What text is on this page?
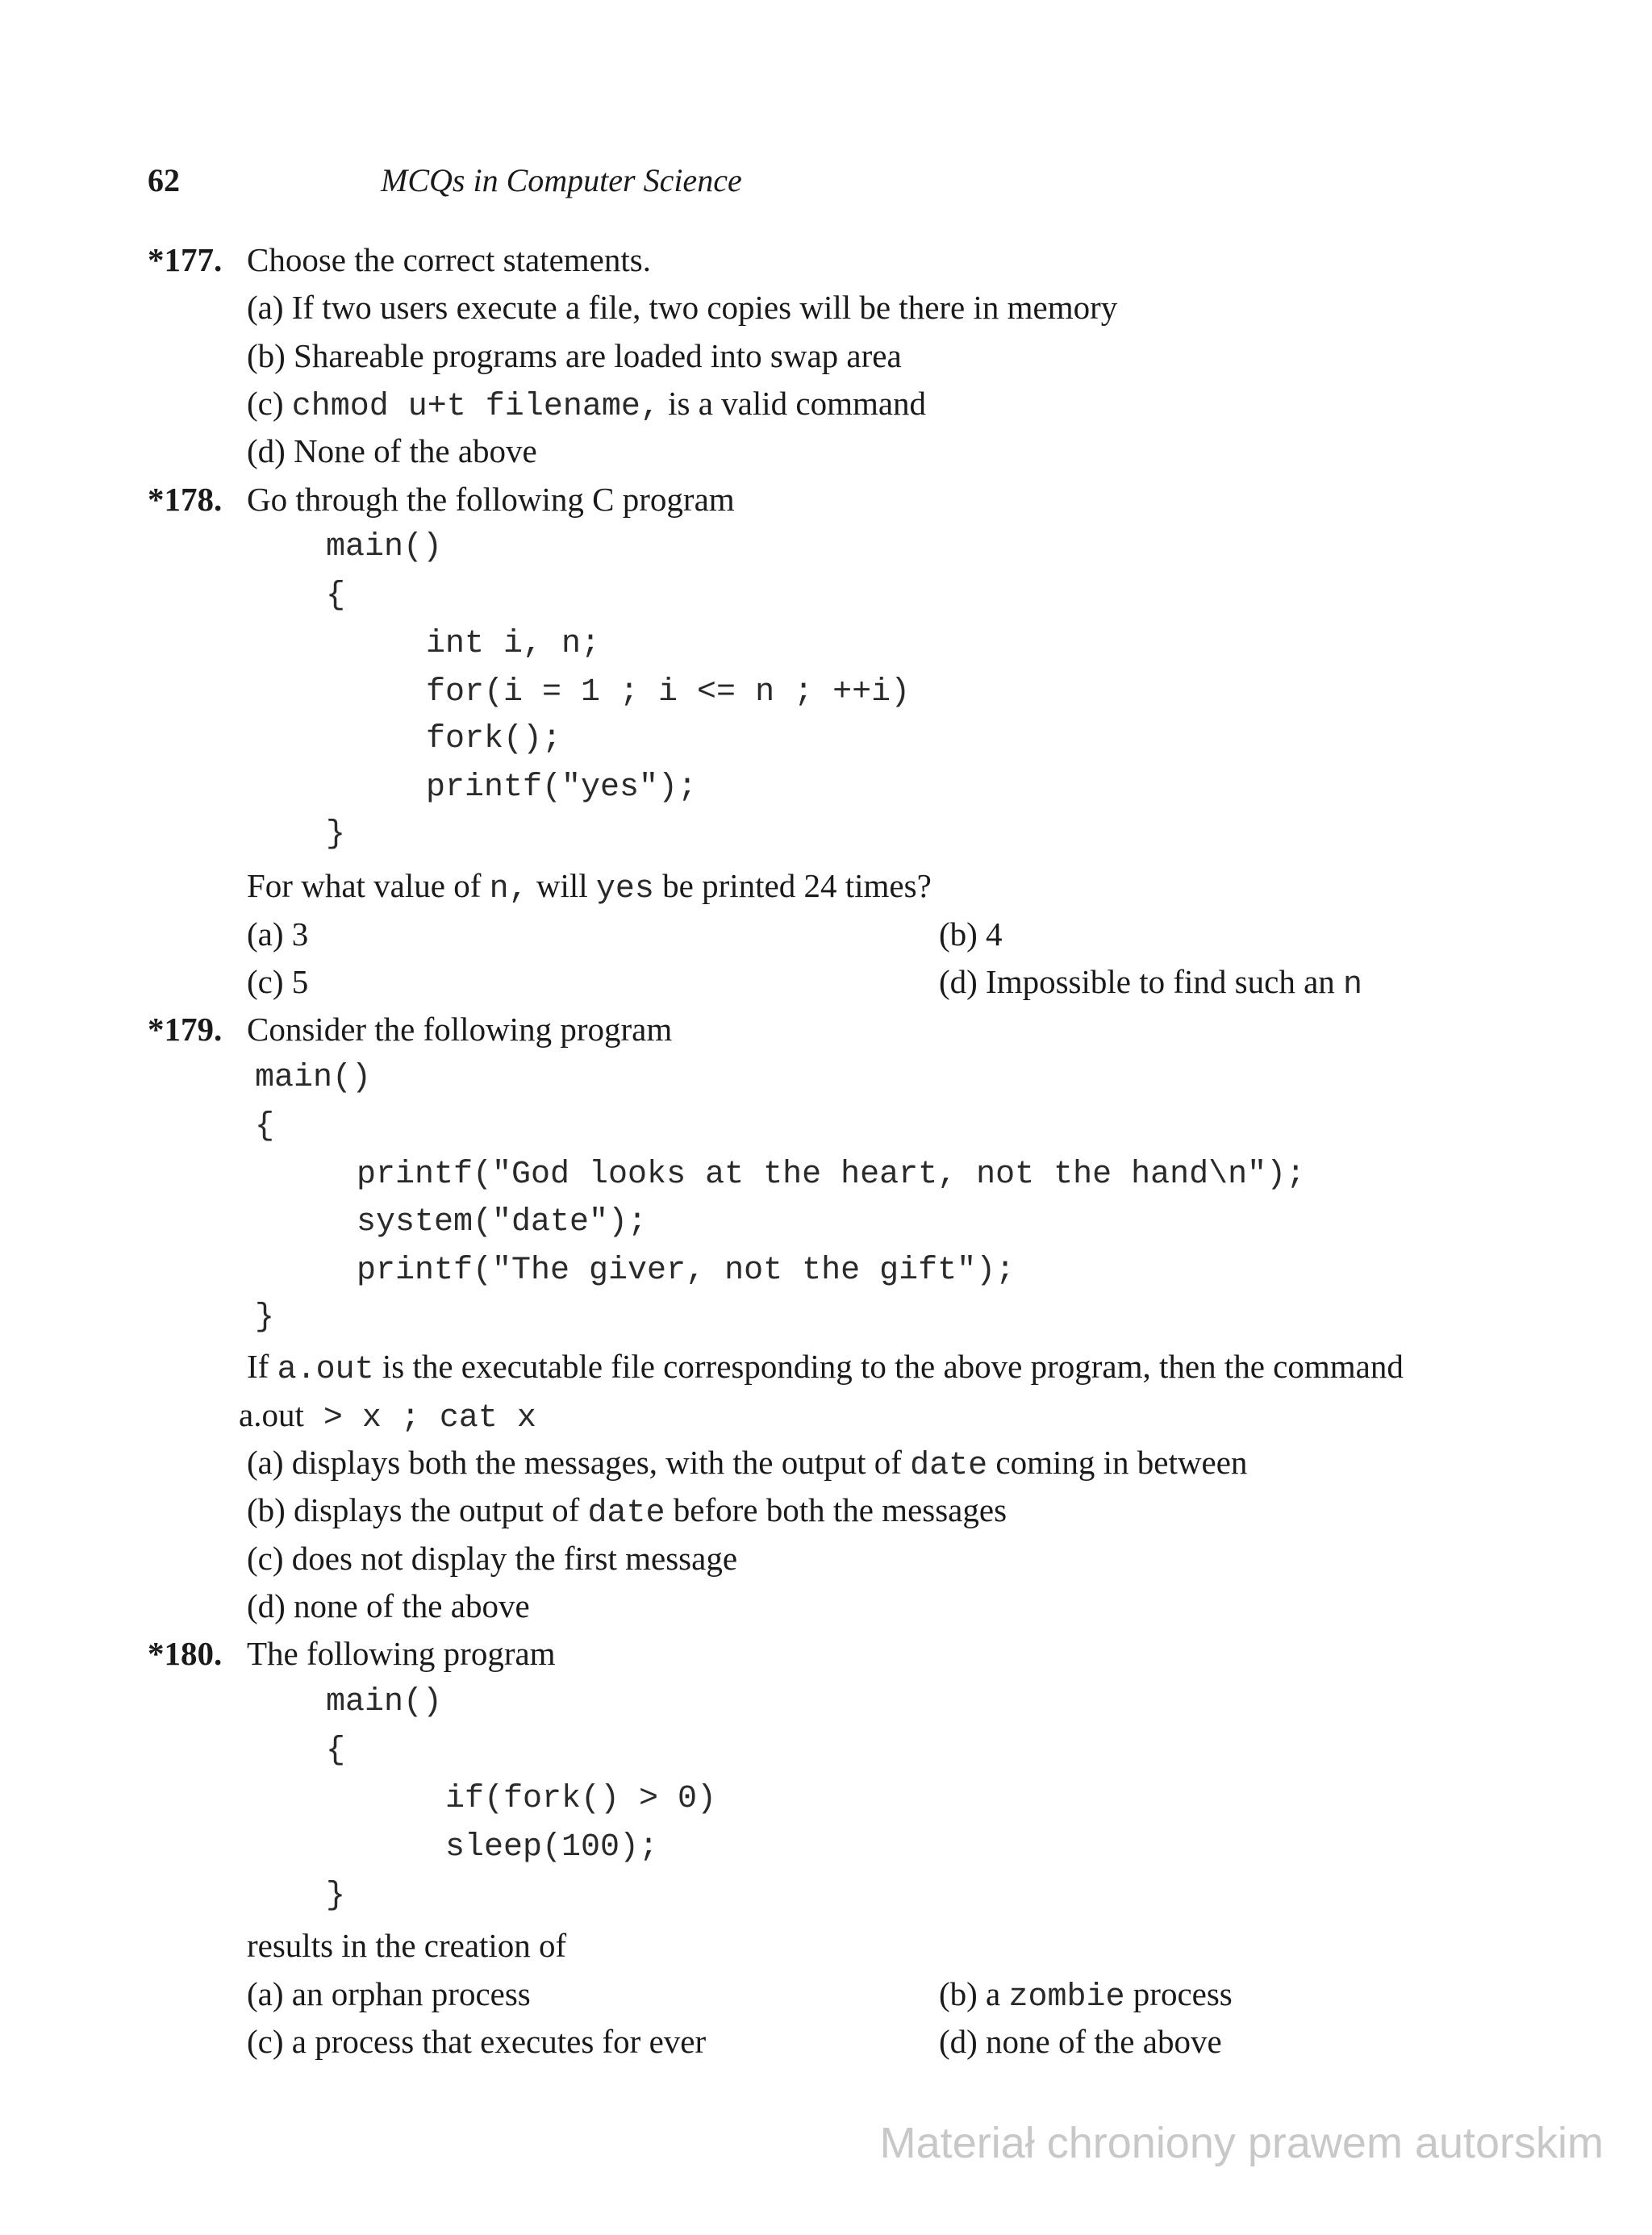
62	MCQs in Computer Science
*177. Choose the correct statements.
(a) If two users execute a file, two copies will be there in memory
(b) Shareable programs are loaded into swap area
(c) chmod u+t filename, is a valid command
(d) None of the above
*178. Go through the following C program
main()
{
int i, n;
for(i = 1 ; i <= n ; ++i)
fork();
printf("yes");
}
For what value of n, will yes be printed 24 times?
(a) 3	(b) 4
(c) 5	(d) Impossible to find such an n
*179. Consider the following program
main()
{
printf("God looks at the heart, not the hand\n");
system("date");
printf("The giver, not the gift");
}
If a.out is the executable file corresponding to the above program, then the command
a.out > x ; cat x
(a) displays both the messages, with the output of date coming in between
(b) displays the output of date before both the messages
(c) does not display the first message
(d) none of the above
*180. The following program
main()
{
if(fork() > 0)
sleep(100);
}
results in the creation of
(a) an orphan process	(b) a zombie process
(c) a process that executes for ever	(d) none of the above
Materiał chroniony prawem autorskim
